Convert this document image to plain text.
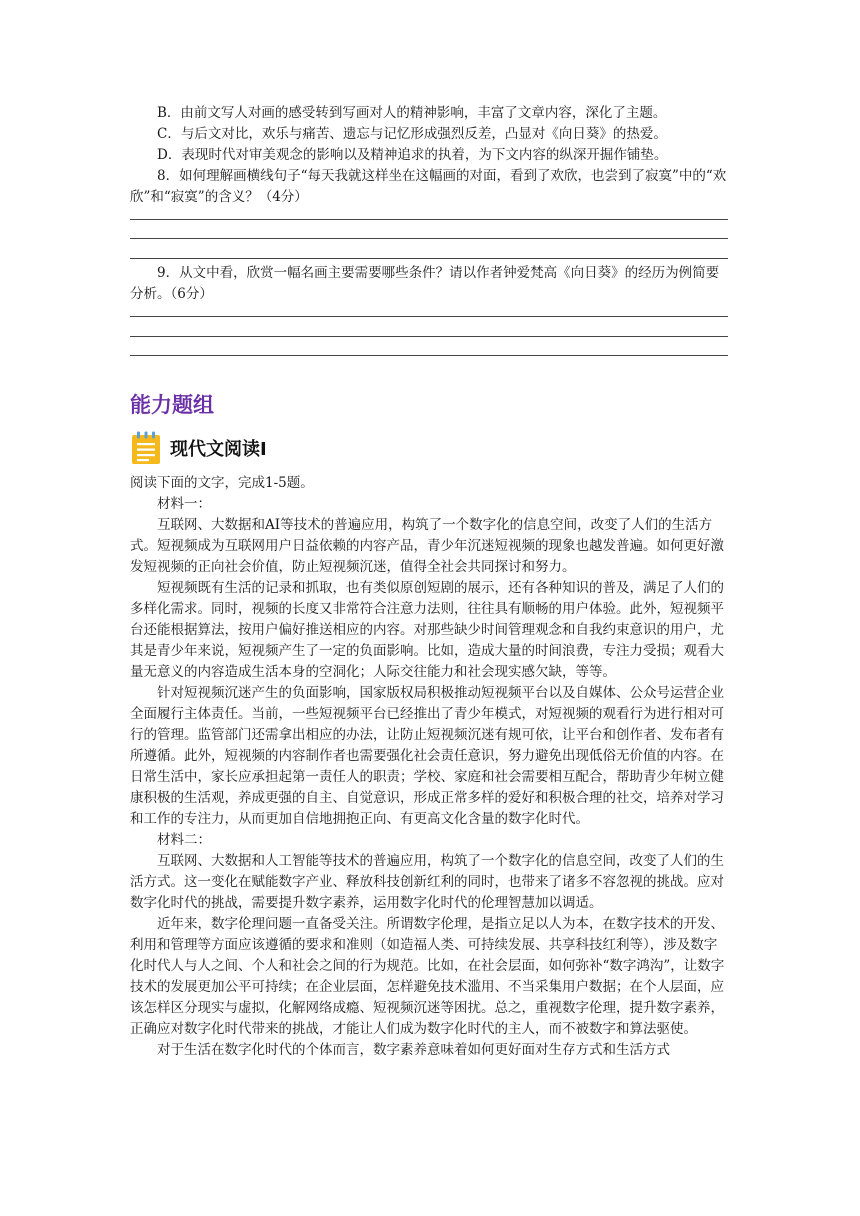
B．由前文写人对画的感受转到写画对人的精神影响，丰富了文章内容，深化了主题。

C．与后文对比，欢乐与痛苦、遗忘与记忆形成强烈反差，凸显对《向日葵》的热爱。

D．表现时代对审美观念的影响以及精神追求的执着，为下文内容的纵深开掘作铺垫。

8．如何理解画横线句子“每天我就这样坐在这幅画的对面，看到了欢欣，也尝到了寂寞”中的“欢欣”和“寂寞”的含义？（4分）

9．从文中看，欣赏一幅名画主要需要哪些条件？请以作者钟爱梵高《向日葵》的经历为例简要分析。（6分）

能力题组
现代文阅读Ⅰ

阅读下面的文字，完成1-5题。

材料一：

互联网、大数据和AI等技术的普遍应用，构筑了一个数字化的信息空间，改变了人们的生活方式。短视频成为互联网用户日益依赖的内容产品，青少年沉迷短视频的现象也越发普遍。如何更好激发短视频的正向社会价值，防止短视频沉迷，值得全社会共同探讨和努力。

短视频既有生活的记录和抓取，也有类似原创短剧的展示，还有各种知识的普及，满足了人们的多样化需求。同时，视频的长度又非常符合注意力法则，往往具有顺畅的用户体验。此外，短视频平台还能根据算法，按用户偏好推送相应的内容。对那些缺少时间管理观念和自我约束意识的用户，尤其是青少年来说，短视频产生了一定的负面影响。比如，造成大量的时间浪费，专注力受损；观看大量无意义的内容造成生活本身的空洞化；人际交往能力和社会现实感欠缺，等等。

针对短视频沉迷产生的负面影响，国家版权局积极推动短视频平台以及自媒体、公众号运营企业全面履行主体责任。当前，一些短视频平台已经推出了青少年模式，对短视频的观看行为进行相对可行的管理。监管部门还需拿出相应的办法，让防止短视频沉迷有规可依，让平台和创作者、发布者有所遵循。此外，短视频的内容制作者也需要强化社会责任意识，努力避免出现低俗无价值的内容。在日常生活中，家长应承担起第一责任人的职责；学校、家庭和社会需要相互配合，帮助青少年树立健康积极的生活观，养成更强的自主、自觉意识，形成正常多样的爱好和积极合理的社交，培养对学习和工作的专注力，从而更加自信地拥抱正向、有更高文化含量的数字化时代。

材料二：

互联网、大数据和人工智能等技术的普遍应用，构筑了一个数字化的信息空间，改变了人们的生活方式。这一变化在赋能数字产业、释放科技创新红利的同时，也带来了诸多不容忽视的挑战。应对数字化时代的挑战，需要提升数字素养，运用数字化时代的伦理智慧加以调适。

近年来，数字伦理问题一直备受关注。所谓数字伦理，是指立足以人为本，在数字技术的开发、利用和管理等方面应该遵循的要求和准则（如造福人类、可持续发展、共享科技红利等），涉及数字化时代人与人之间、个人和社会之间的行为规范。比如，在社会层面，如何弥补“数字鸿沟”，让数字技术的发展更加公平可持续；在企业层面，怎样避免技术滥用、不当采集用户数据；在个人层面，应该怎样区分现实与虚拟，化解网络成瘾、短视频沉迷等困扰。总之，重视数字伦理，提升数字素养，正确应对数字化时代带来的挑战，才能让人们成为数字化时代的主人，而不被数字和算法驱使。

对于生活在数字化时代的个体而言，数字素养意味着如何更好面对生存方式和生活方式
